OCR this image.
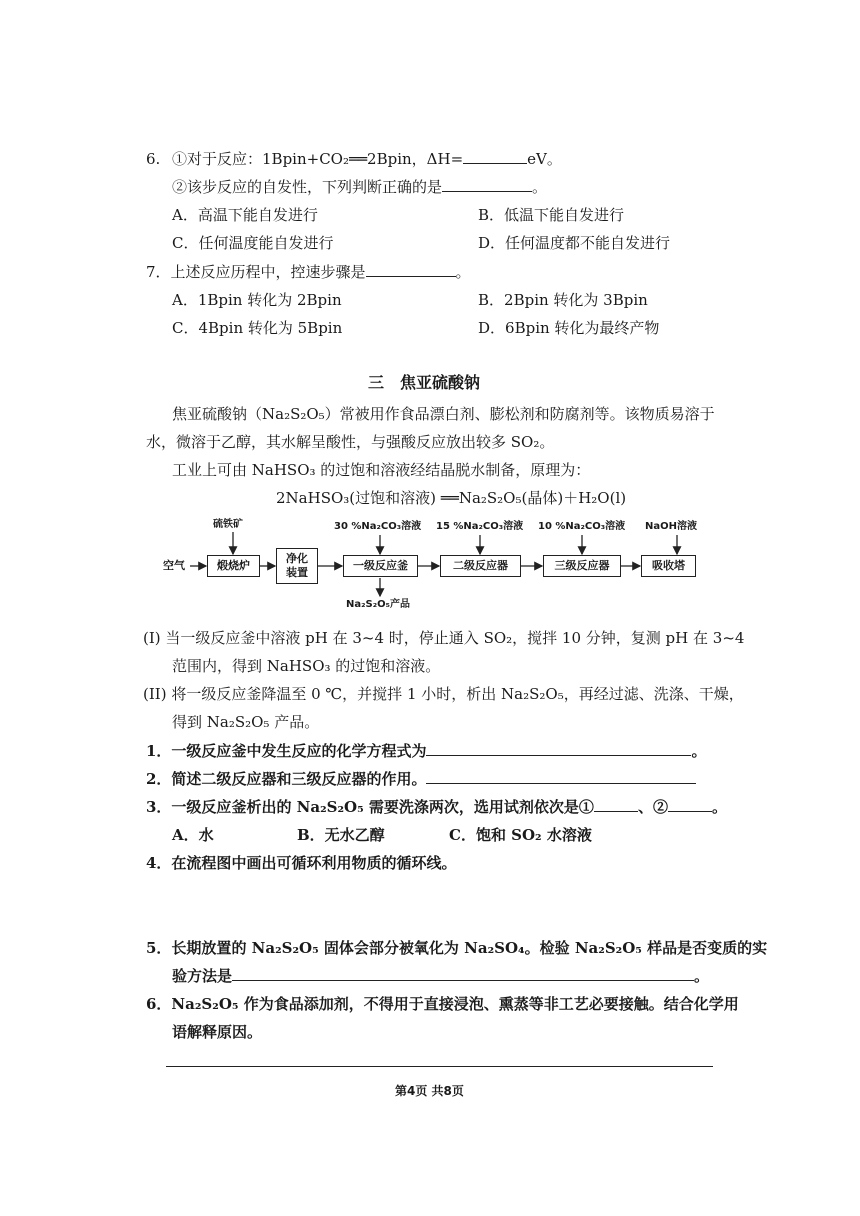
6. ①对于反应：1Bpin+CO₂══2Bpin，ΔH=	eV。
②该步反应的自发性，下列判断正确的是	。
A．高温下能自发进行	B．低温下能自发进行
C．任何温度能自发进行	D．任何温度都不能自发进行
7．上述反应历程中，控速步骤是	。
A．1Bpin 转化为 2Bpin	B．2Bpin 转化为 3Bpin
C．4Bpin 转化为 5Bpin	D．6Bpin 转化为最终产物
三　焦亚硫酸钠
焦亚硫酸钠（Na₂S₂O₅）常被用作食品漂白剂、膨松剂和防腐剂等。该物质易溶于
水，微溶于乙醇，其水解呈酸性，与强酸反应放出较多 SO₂。
工业上可由 NaHSO₃ 的过饱和溶液经结晶脱水制备，原理为：
2NaHSO₃(过饱和溶液) ══Na₂S₂O₅(晶体)＋H₂O(l)
空气
硫铁矿
煅烧炉
净化
装置
一级反应釜	二级反应器	三级反应器	吸收塔
30 %Na₂CO₃溶液 15 %Na₂CO₃溶液 10 %Na₂CO₃溶液 NaOH溶液
Na₂S₂O₅产品
(I) 当一级反应釜中溶液 pH 在 3~4 时，停止通入 SO₂，搅拌 10 分钟，复测 pH 在 3~4
范围内，得到 NaHSO₃ 的过饱和溶液。
(II) 将一级反应釜降温至 0 ℃，并搅拌 1 小时，析出 Na₂S₂O₅，再经过滤、洗涤、干燥，
得到 Na₂S₂O₅ 产品。
1．一级反应釜中发生反应的化学方程式为	。
2．简述二级反应器和三级反应器的作用。
3．一级反应釜析出的 Na₂S₂O₅ 需要洗涤两次，选用试剂依次是①	、②	。
A．水	B．无水乙醇	C．饱和 SO₂ 水溶液
4．在流程图中画出可循环利用物质的循环线。
5．长期放置的 Na₂S₂O₅ 固体会部分被氧化为 Na₂SO₄。检验 Na₂S₂O₅ 样品是否变质的实
验方法是	。
6．Na₂S₂O₅ 作为食品添加剂，不得用于直接浸泡、熏蒸等非工艺必要接触。结合化学用
语解释原因。
第4页 共8页
